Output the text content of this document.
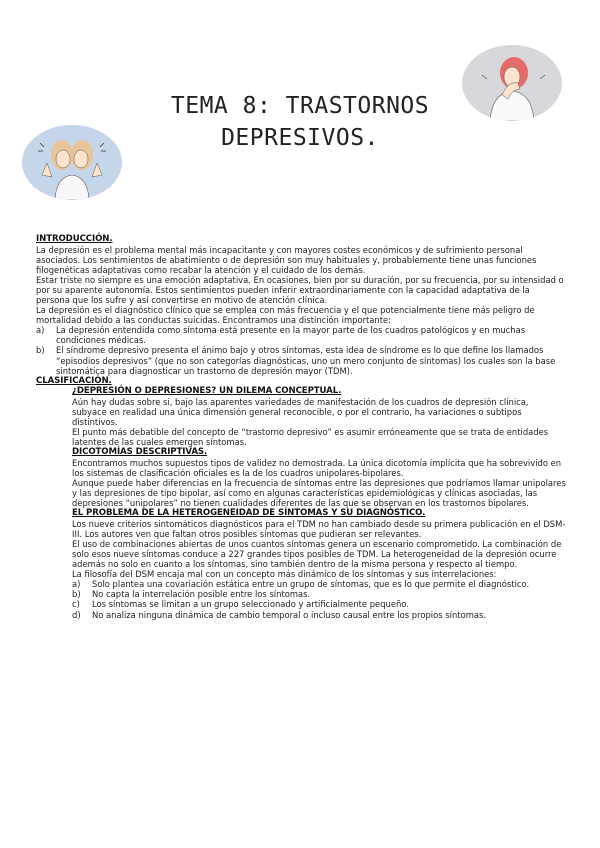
TEMA 8: TRASTORNOS
DEPRESIVOS.

INTRODUCCIÓN.

La depresión es el problema mental más incapacitante y con mayores costes económicos y de sufrimiento personal asociados. Los sentimientos de abatimiento o de depresión son muy habituales y, probablemente tiene unas funciones filogenéticas adaptativas como recabar la atención y el cuidado de los demás.

Estar triste no siempre es una emoción adaptativa. En ocasiones, bien por su duración, por su frecuencia, por su intensidad o por su aparente autonomía. Estos sentimientos pueden inferir extraordinariamente con la capacidad adaptativa de la persona que los sufre y así convertirse en motivo de atención clínica.

La depresión es el diagnóstico clínico que se emplea con más frecuencia y el que potencialmente tiene más peligro de mortalidad debido a las conductas suicidas. Encontramos una distinción importante:

a)	La depresión entendida como síntoma está presente en la mayor parte de los cuadros patológicos y en muchas condiciones médicas.
b)	El síndrome depresivo presenta el ánimo bajo y otros síntomas, esta idea de síndrome es lo que define los llamados “episodios depresivos” (que no son categorías diagnósticas, uno un mero conjunto de síntomas) los cuales son la base sintomática para diagnosticar un trastorno de depresión mayor (TDM).

CLASIFICACIÓN.

¿DEPRESIÓN O DEPRESIONES? UN DILEMA CONCEPTUAL.

Aún hay dudas sobre si, bajo las aparentes variedades de manifestación de los cuadros de depresión clínica, subyace en realidad una única dimensión general reconocible, o por el contrario, ha variaciones o subtipos distintivos.

El punto más debatible del concepto de “trastorno depresivo” es asumir erróneamente que se trata de entidades latentes de las cuales emergen síntomas.

DICOTOMÍAS DESCRIPTIVAS.

Encontramos muchos supuestos tipos de validez no demostrada. La única dicotomía implícita que ha sobrevivido en los sistemas de clasificación oficiales es la de los cuadros unipolares-bipolares.

Aunque puede haber diferencias en la frecuencia de síntomas entre las depresiones que podríamos llamar unipolares y las depresiones de tipo bipolar, así como en algunas características epidemiológicas y clínicas asociadas, las depresiones “unipolares” no tienen cualidades diferentes de las que se observan en los trastornos bipolares.

EL PROBLEMA DE LA HETEROGENEIDAD DE SÍNTOMAS Y SU DIAGNÓSTICO.

Los nueve criterios sintomáticos diagnósticos para el TDM no han cambiado desde su primera publicación en el DSM-III. Los autores ven que faltan otros posibles síntomas que pudieran ser relevantes.

El uso de combinaciones abiertas de unos cuantos síntomas genera un escenario comprometido. La combinación de solo esos nueve síntomas conduce a 227 grandes tipos posibles de TDM. La heterogeneidad de la depresión ocurre además no solo en cuanto a los síntomas, sino también dentro de la misma persona y respecto al tiempo.

La filosofía del DSM encaja mal con un concepto más dinámico de los síntomas y sus interrelaciones:

a)	Solo plantea una covariación estática entre un grupo de síntomas, que es lo que permite el diagnóstico.
b)	No capta la interrelación posible entre los síntomas.
c)	Los síntomas se limitan a un grupo seleccionado y artificialmente pequeño.
d)	No analiza ninguna dinámica de cambio temporal o incluso causal entre los propios síntomas.
